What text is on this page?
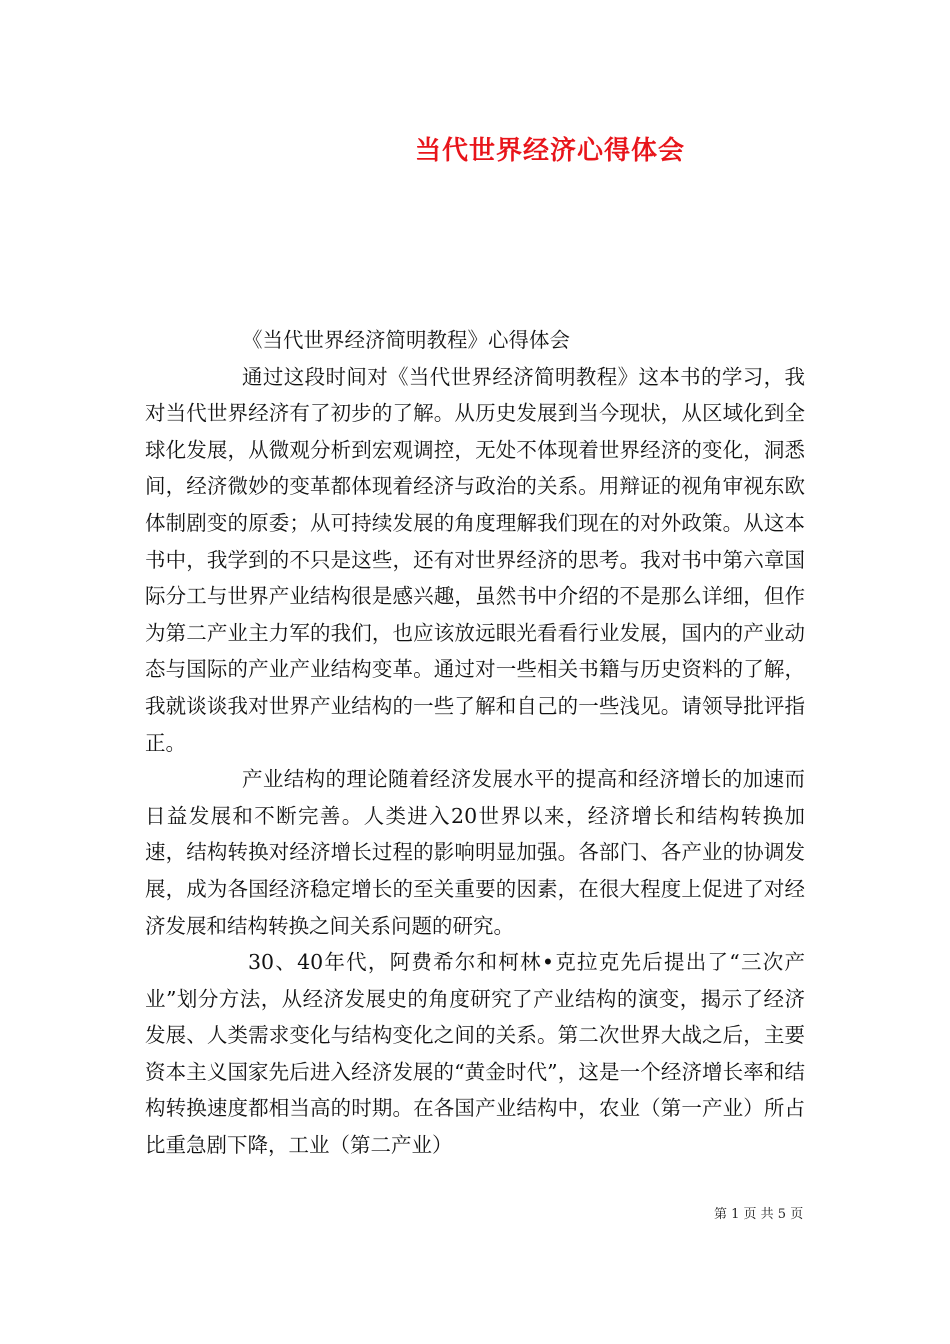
当代世界经济心得体会

《当代世界经济简明教程》心得体会

通过这段时间对《当代世界经济简明教程》这本书的学习，我对当代世界经济有了初步的了解。从历史发展到当今现状，从区域化到全球化发展，从微观分析到宏观调控，无处不体现着世界经济的变化，洞悉间，经济微妙的变革都体现着经济与政治的关系。用辩证的视角审视东欧体制剧变的原委；从可持续发展的角度理解我们现在的对外政策。从这本书中，我学到的不只是这些，还有对世界经济的思考。我对书中第六章国际分工与世界产业结构很是感兴趣，虽然书中介绍的不是那么详细，但作为第二产业主力军的我们，也应该放远眼光看看行业发展，国内的产业动态与国际的产业产业结构变革。通过对一些相关书籍与历史资料的了解，我就谈谈我对世界产业结构的一些了解和自己的一些浅见。请领导批评指正。

产业结构的理论随着经济发展水平的提高和经济增长的加速而日益发展和不断完善。人类进入20世界以来，经济增长和结构转换加速，结构转换对经济增长过程的影响明显加强。各部门、各产业的协调发展，成为各国经济稳定增长的至关重要的因素，在很大程度上促进了对经济发展和结构转换之间关系问题的研究。

30、40年代，阿费希尔和柯林•克拉克先后提出了“三次产业”划分方法，从经济发展史的角度研究了产业结构的演变，揭示了经济发展、人类需求变化与结构变化之间的关系。第二次世界大战之后，主要资本主义国家先后进入经济发展的“黄金时代”，这是一个经济增长率和结构转换速度都相当高的时期。在各国产业结构中，农业（第一产业）所占比重急剧下降，工业（第二产业）

第 1 页 共 5 页
